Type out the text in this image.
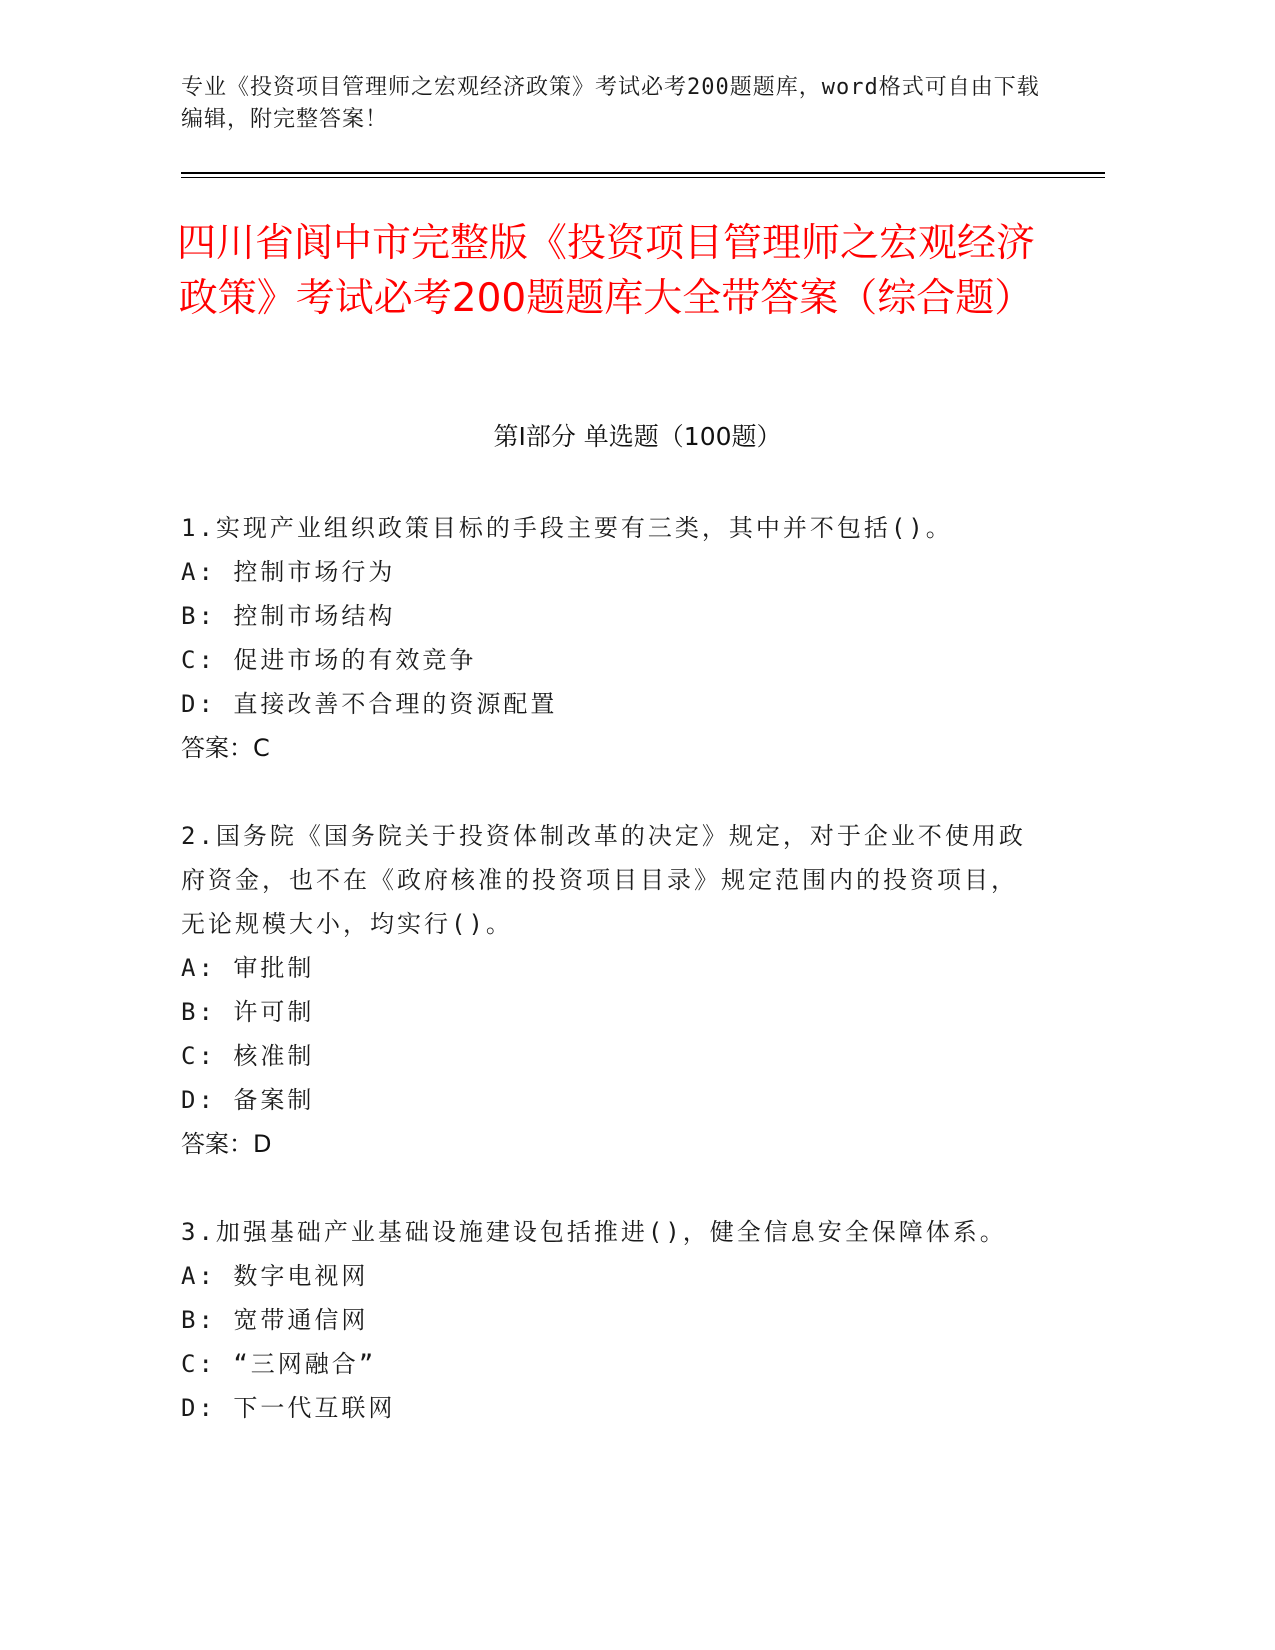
专业《投资项目管理师之宏观经济政策》考试必考200题题库，word格式可自由下载编辑，附完整答案！
四川省阆中市完整版《投资项目管理师之宏观经济政策》考试必考200题题库大全带答案（综合题）
第Ⅰ部分 单选题（100题）
1.实现产业组织政策目标的手段主要有三类，其中并不包括()。
A: 控制市场行为
B: 控制市场结构
C: 促进市场的有效竞争
D: 直接改善不合理的资源配置
答案：C
2.国务院《国务院关于投资体制改革的决定》规定，对于企业不使用政府资金，也不在《政府核准的投资项目目录》规定范围内的投资项目，无论规模大小，均实行()。
A: 审批制
B: 许可制
C: 核准制
D: 备案制
答案：D
3.加强基础产业基础设施建设包括推进()，健全信息安全保障体系。
A: 数字电视网
B: 宽带通信网
C: “三网融合”
D: 下一代互联网
